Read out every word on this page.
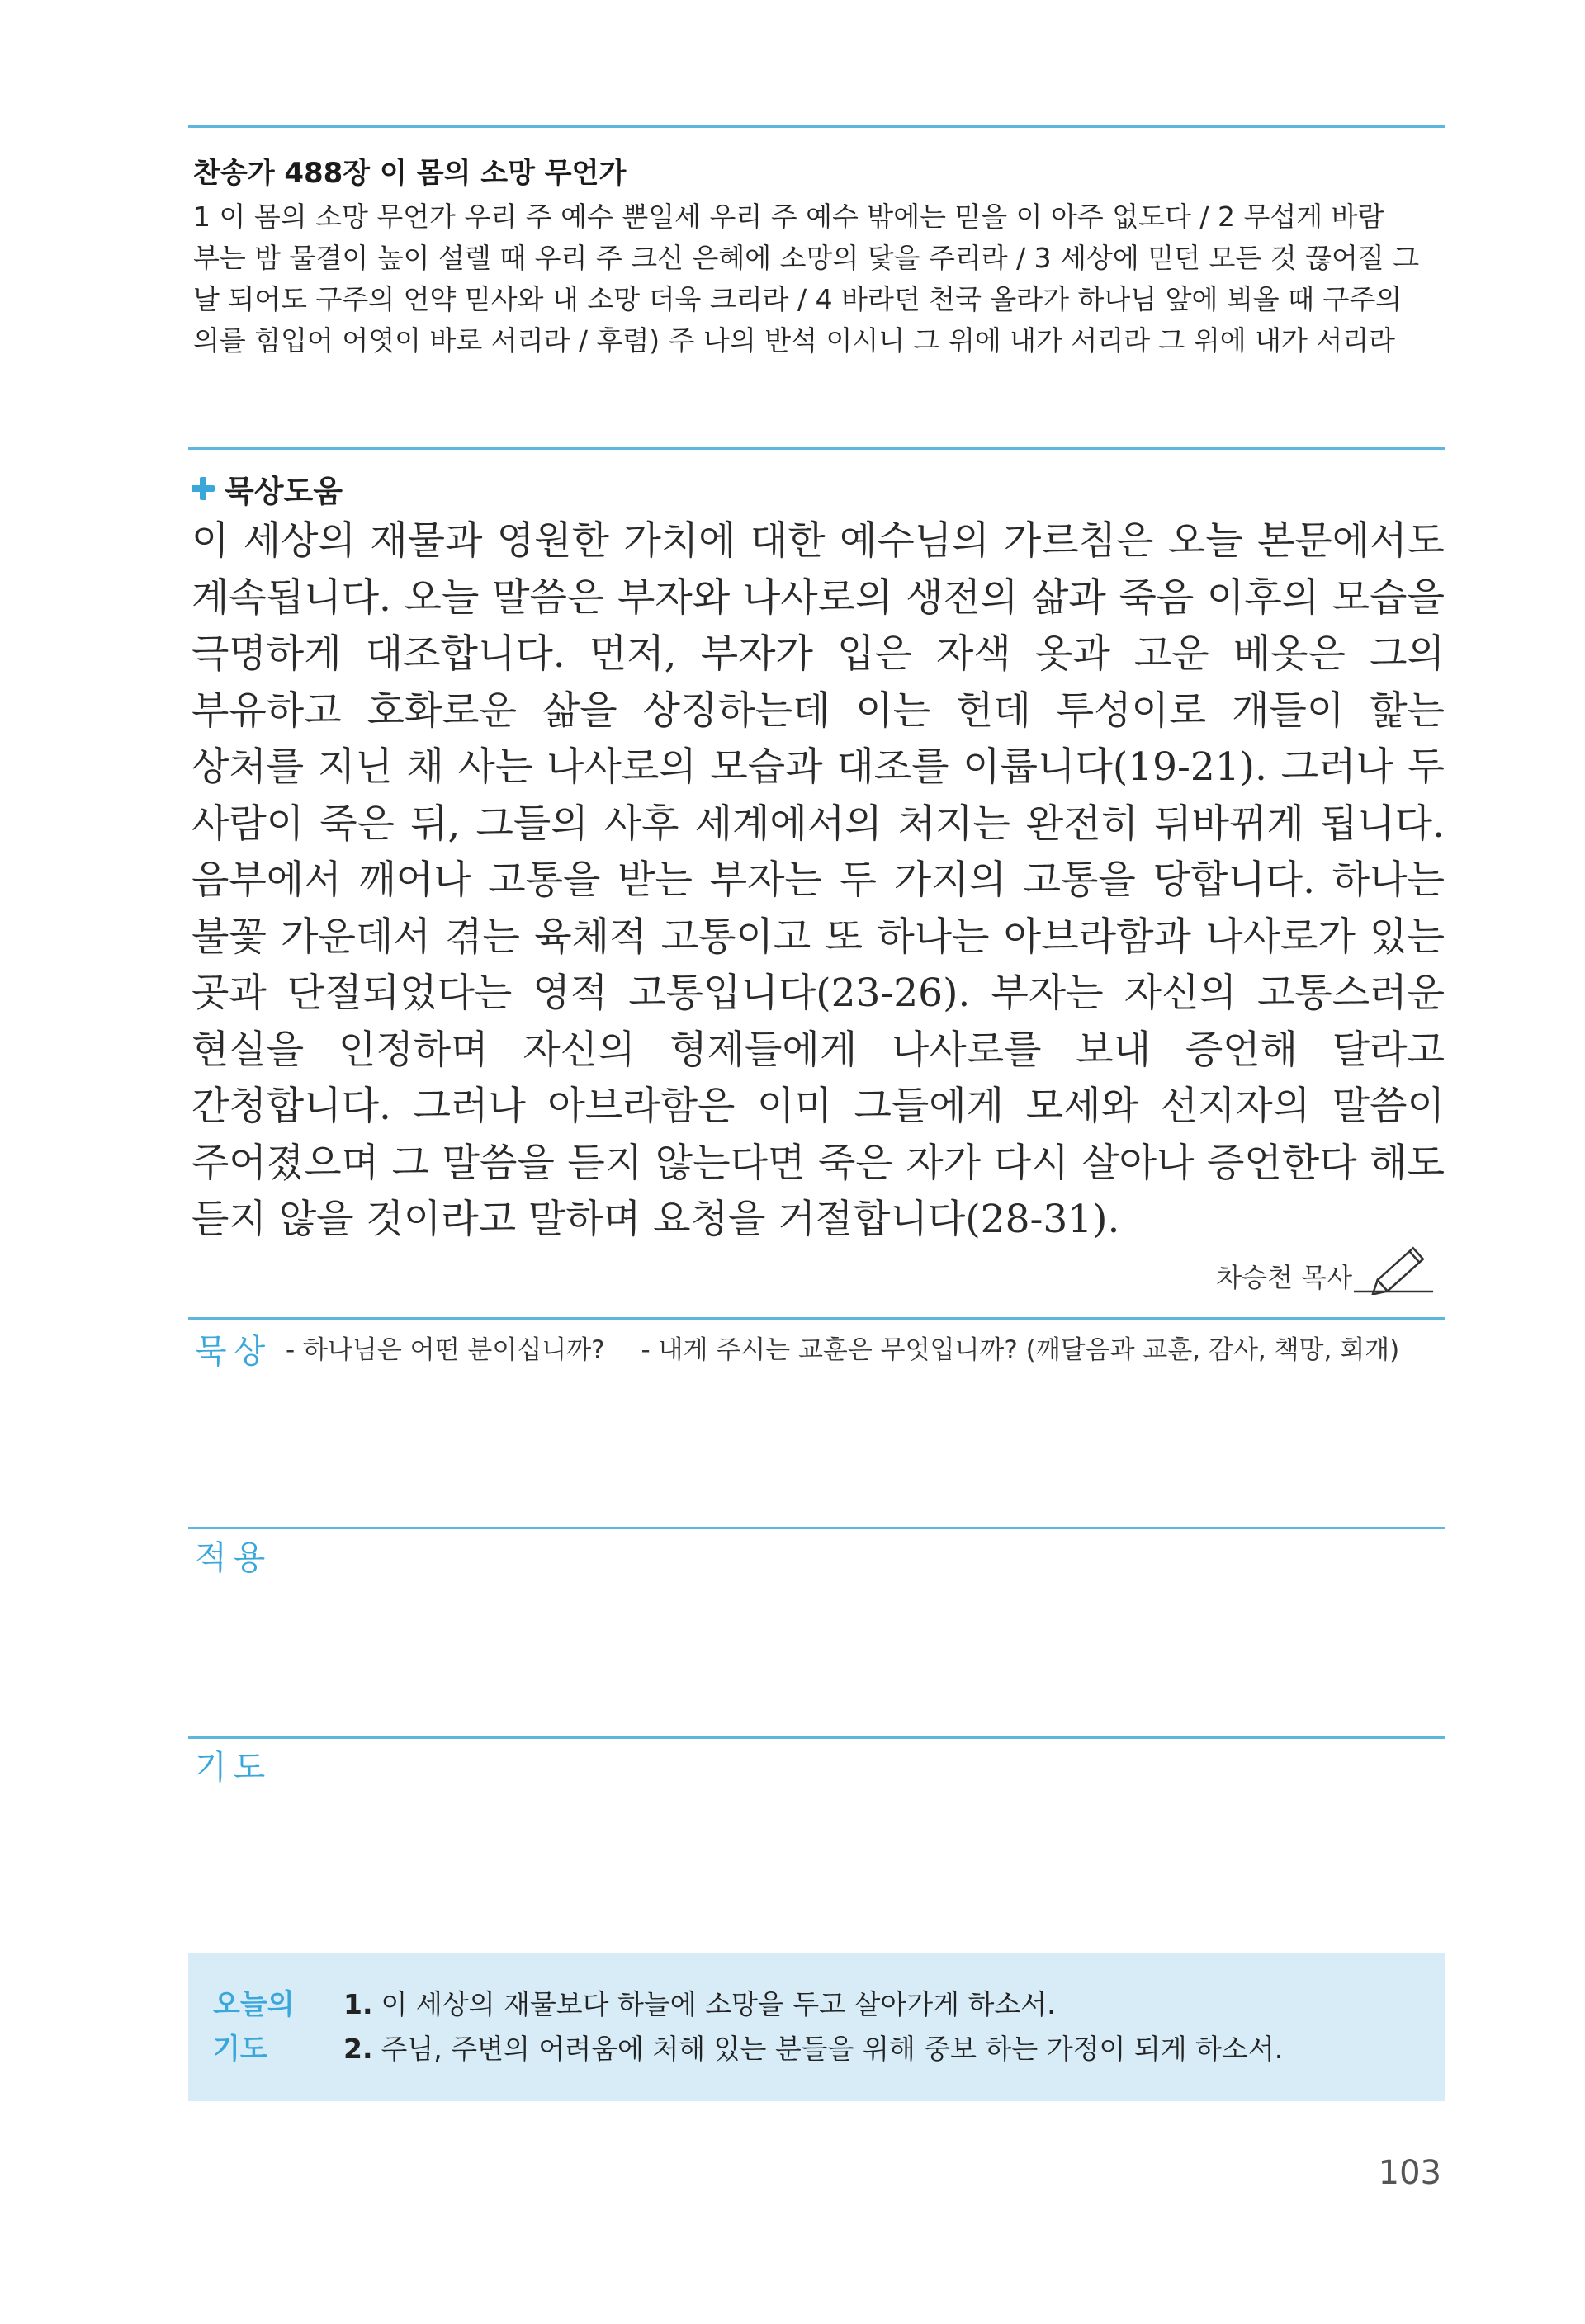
찬송가 488장 이 몸의 소망 무언가

1 이 몸의 소망 무언가 우리 주 예수 뿐일세 우리 주 예수 밖에는 믿을 이 아주 없도다 / 2 무섭게 바람 부는 밤 물결이 높이 설렐 때 우리 주 크신 은혜에 소망의 닻을 주리라 / 3 세상에 믿던 모든 것 끊어질 그 날 되어도 구주의 언약 믿사와 내 소망 더욱 크리라 / 4 바라던 천국 올라가 하나님 앞에 뵈올 때 구주의 의를 힘입어 어엿이 바로 서리라 / 후렴) 주 나의 반석 이시니 그 위에 내가 서리라 그 위에 내가 서리라

묵상도움

이 세상의 재물과 영원한 가치에 대한 예수님의 가르침은 오늘 본문에서도 계속됩니다. 오늘 말씀은 부자와 나사로의 생전의 삶과 죽음 이후의 모습을 극명하게 대조합니다. 먼저, 부자가 입은 자색 옷과 고운 베옷은 그의 부유하고 호화로운 삶을 상징하는데 이는 헌데 투성이로 개들이 핥는 상처를 지닌 채 사는 나사로의 모습과 대조를 이룹니다(19-21). 그러나 두 사람이 죽은 뒤, 그들의 사후 세계에서의 처지는 완전히 뒤바뀌게 됩니다. 음부에서 깨어나 고통을 받는 부자는 두 가지의 고통을 당합니다. 하나는 불꽃 가운데서 겪는 육체적 고통이고 또 하나는 아브라함과 나사로가 있는 곳과 단절되었다는 영적 고통입니다(23-26). 부자는 자신의 고통스러운 현실을 인정하며 자신의 형제들에게 나사로를 보내 증언해 달라고 간청합니다. 그러나 아브라함은 이미 그들에게 모세와 선지자의 말씀이 주어졌으며 그 말씀을 듣지 않는다면 죽은 자가 다시 살아나 증언한다 해도 듣지 않을 것이라고 말하며 요청을 거절합니다(28-31).

차승천 목사
묵상 - 하나님은 어떤 분이십니까? - 내게 주시는 교훈은 무엇입니까? (깨달음과 교훈, 감사, 책망, 회개)
적용
기도
오늘의
기도
1. 이 세상의 재물보다 하늘에 소망을 두고 살아가게 하소서.
2. 주님, 주변의 어려움에 처해 있는 분들을 위해 중보 하는 가정이 되게 하소서.
103
